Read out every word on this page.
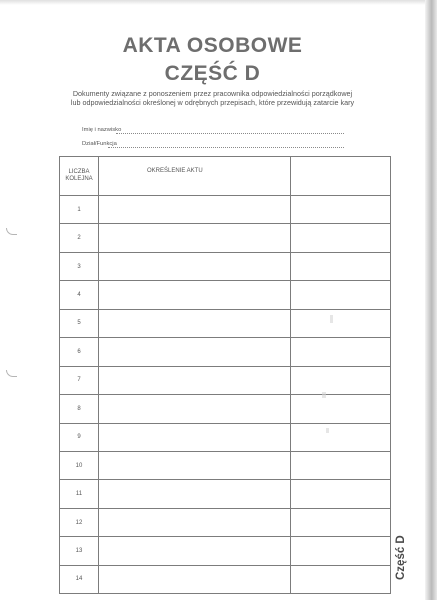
AKTA OSOBOWE
CZĘŚĆ D
Dokumenty związane z ponoszeniem przez pracownika odpowiedzialności porządkowej
lub odpowiedzialności określonej w odrębnych przepisach, które przewidują zatarcie kary
Imię i nazwisko
Dział/Funkcja
LICZBA
KOLEJNA	OKREŚLENIE AKTU	
1		
2		
3		
4		
5		
6		
7		
8		
9		
10		
11		
12		
13		
14			Część D
